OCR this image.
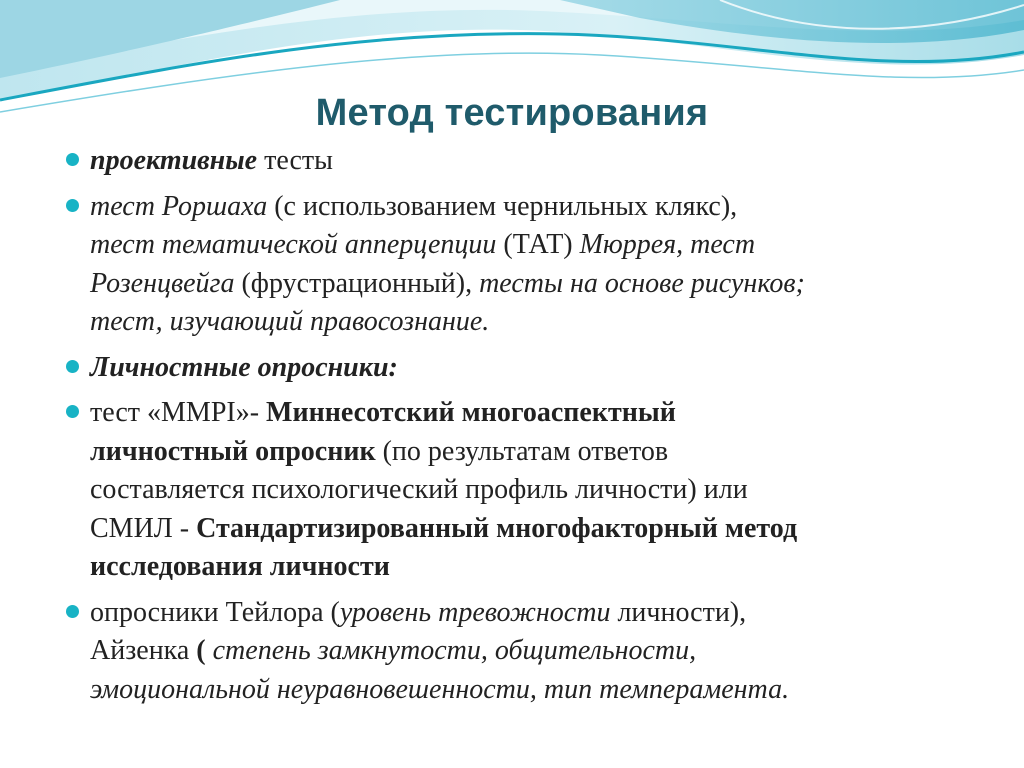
Метод тестирования
проективные тесты
тест Роршаха (с использованием чернильных клякс),
тест тематической апперцепции (ТАТ) Мюррея, тест
Розенцвейга (фрустрационный), тесты на основе рисунков;
тест, изучающий правосознание.
Личностные опросники:
тест «MMPI»- Миннесотский многоаспектный
личностный опросник (по результатам ответов
составляется психологический профиль личности) или
СМИЛ - Стандартизированный многофакторный метод
исследования личности
опросники Тейлора (уровень тревожности личности),
Айзенка ( степень замкнутости, общительности,
эмоциональной неуравновешенности, тип темперамента.
